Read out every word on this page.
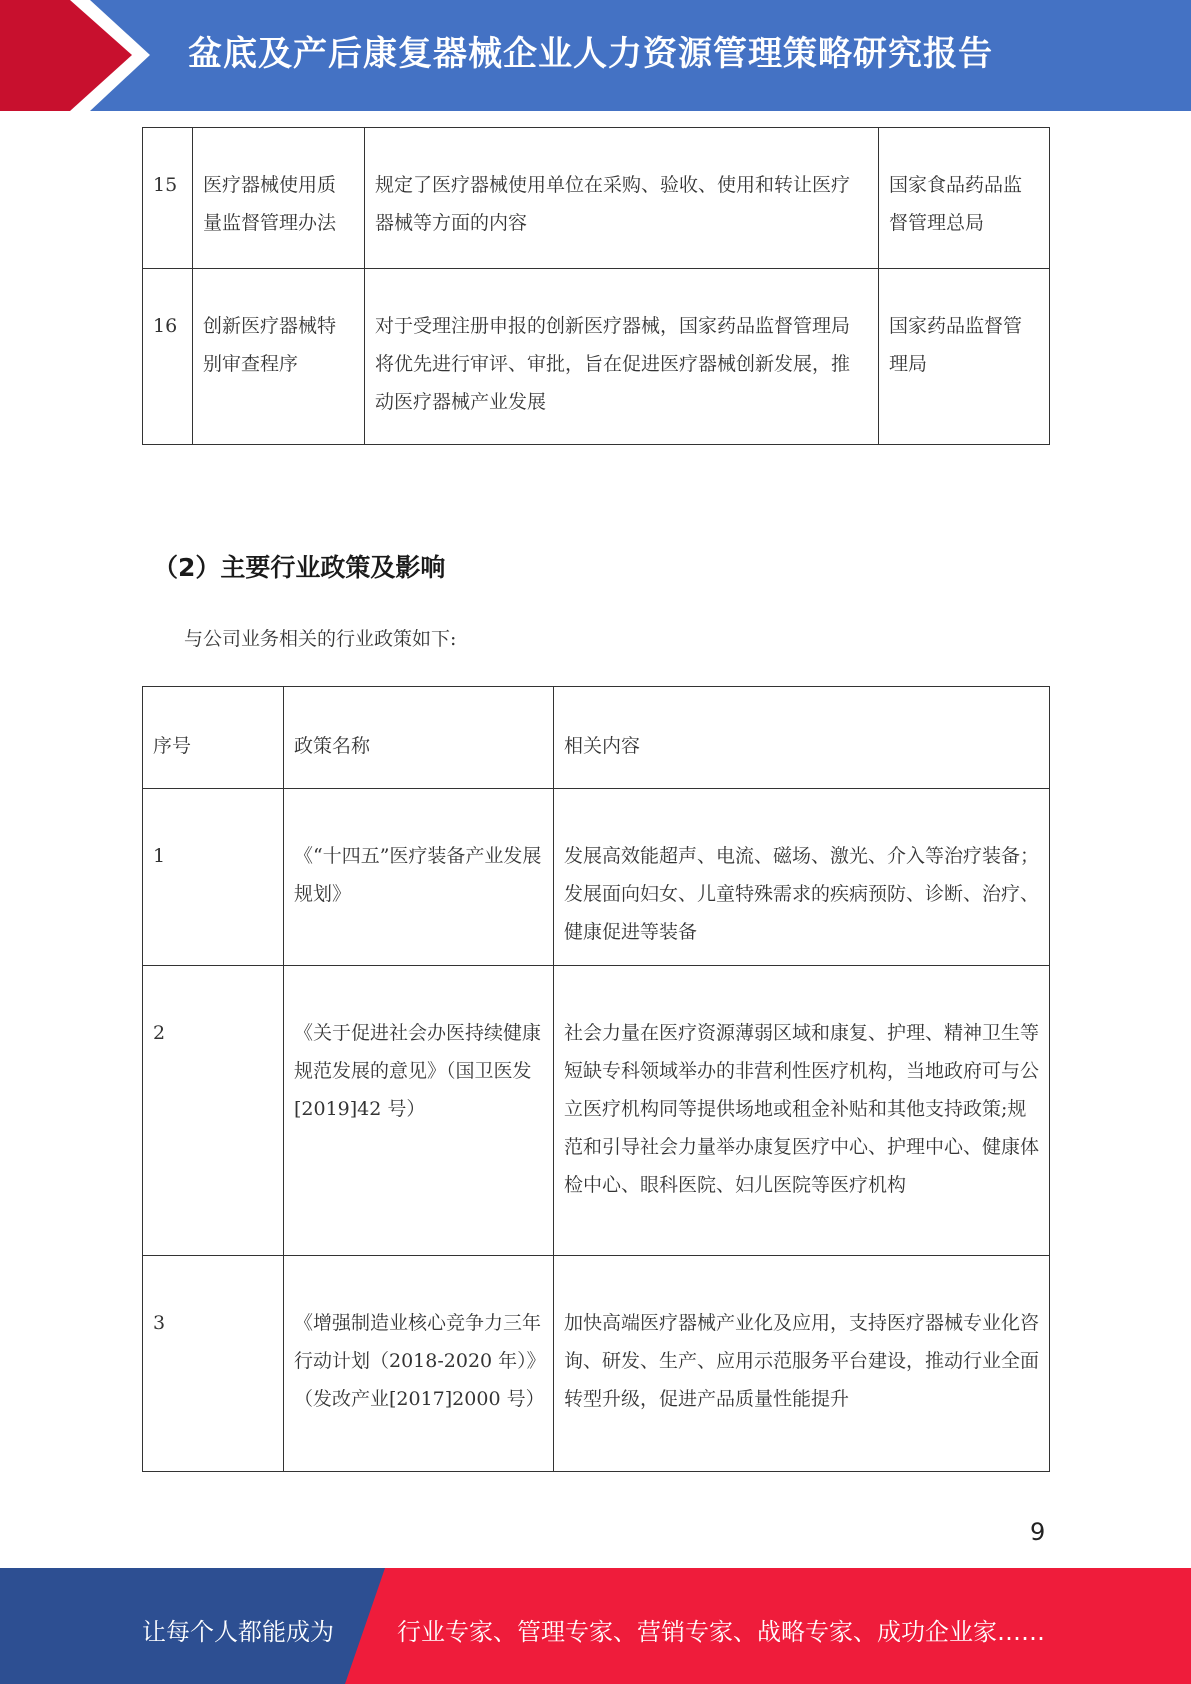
盆底及产后康复器械企业人力资源管理策略研究报告
15	医疗器械使用质量监督管理办法	规定了医疗器械使用单位在采购、验收、使用和转让医疗器械等方面的内容	国家食品药品监督管理总局
16	创新医疗器械特别审查程序	对于受理注册申报的创新医疗器械，国家药品监督管理局将优先进行审评、审批，旨在促进医疗器械创新发展，推动医疗器械产业发展	国家药品监督管理局
（2）主要行业政策及影响
与公司业务相关的行业政策如下:
序号	政策名称	相关内容
1	《“十四五”医疗装备产业发展规划》	发展高效能超声、电流、磁场、激光、介入等治疗装备；发展面向妇女、儿童特殊需求的疾病预防、诊断、治疗、健康促进等装备
2	《关于促进社会办医持续健康规范发展的意见》（国卫医发[2019]42 号）	社会力量在医疗资源薄弱区域和康复、护理、精神卫生等短缺专科领域举办的非营利性医疗机构，当地政府可与公立医疗机构同等提供场地或租金补贴和其他支持政策;规范和引导社会力量举办康复医疗中心、护理中心、健康体检中心、眼科医院、妇儿医院等医疗机构
3	《增强制造业核心竞争力三年行动计划（2018-2020 年）》（发改产业[2017]2000 号）	加快高端医疗器械产业化及应用，支持医疗器械专业化咨询、研发、生产、应用示范服务平台建设，推动行业全面转型升级，促进产品质量性能提升
9
让每个人都能成为	行业专家、管理专家、营销专家、战略专家、成功企业家……
